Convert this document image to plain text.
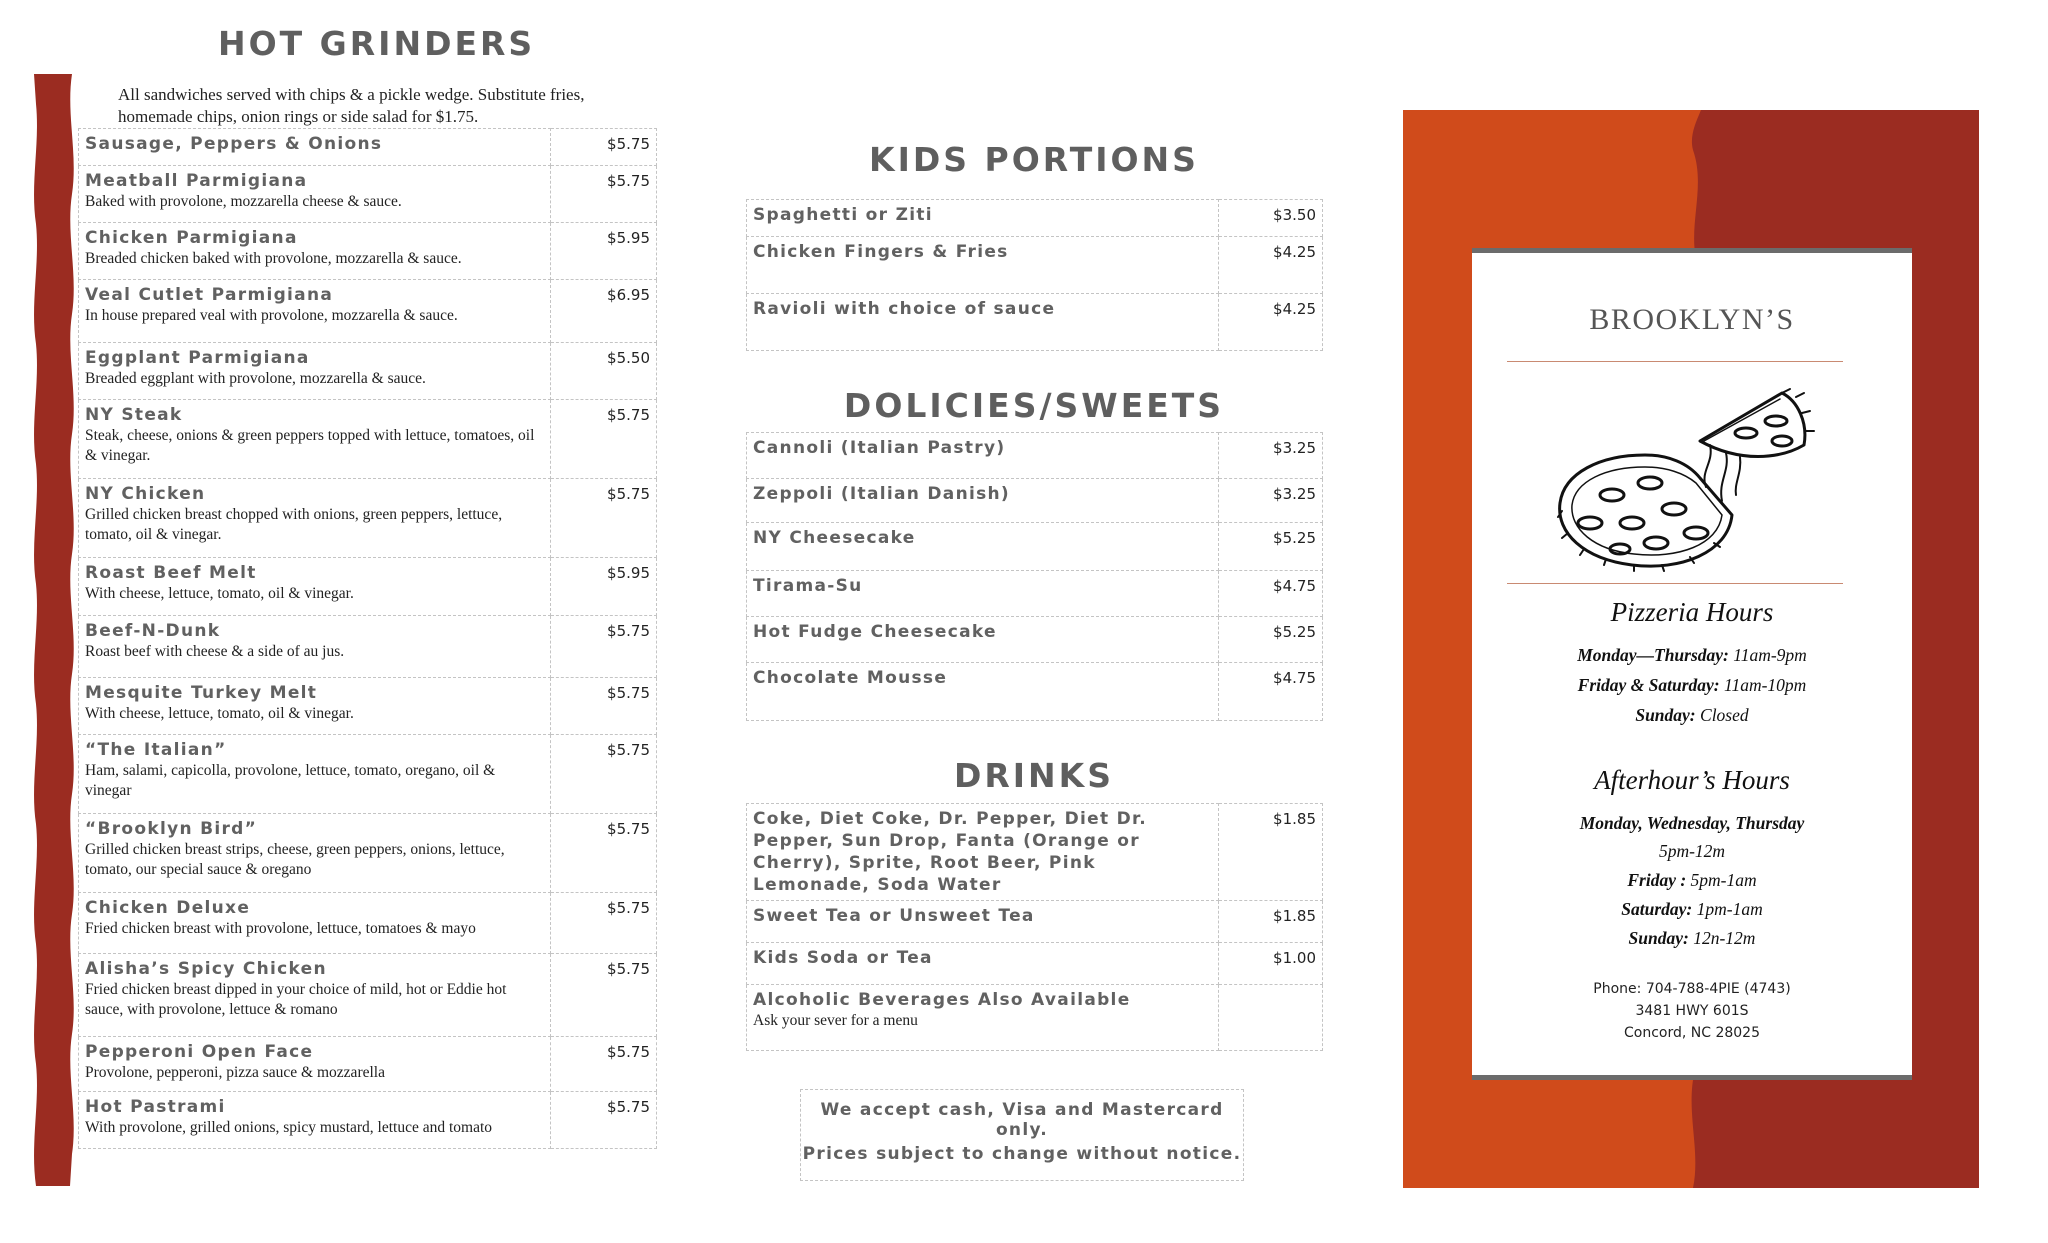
HOT GRINDERS
All sandwiches served with chips & a pickle wedge. Substitute fries, homemade chips, onion rings or side salad for $1.75.
Sausage, Peppers & Onions	$5.75

Meatball Parmigiana
Baked with provolone, mozzarella cheese & sauce.	$5.75

Chicken Parmigiana
Breaded chicken baked with provolone, mozzarella & sauce.	$5.95

Veal Cutlet Parmigiana
In house prepared veal with provolone, mozzarella & sauce.	$6.95

Eggplant Parmigiana
Breaded eggplant with provolone, mozzarella & sauce.	$5.50

NY Steak
Steak, cheese, onions & green peppers topped with lettuce, tomatoes, oil & vinegar.	$5.75

NY Chicken
Grilled chicken breast chopped with onions, green peppers, lettuce, tomato, oil & vinegar.	$5.75

Roast Beef Melt
With cheese, lettuce, tomato, oil & vinegar.	$5.95

Beef-N-Dunk
Roast beef with cheese & a side of au jus.	$5.75

Mesquite Turkey Melt
With cheese, lettuce, tomato, oil & vinegar.	$5.75

“The Italian”
Ham, salami, capicolla, provolone, lettuce, tomato, oregano, oil & vinegar	$5.75

“Brooklyn Bird”
Grilled chicken breast strips, cheese, green peppers, onions, lettuce, tomato, our special sauce & oregano	$5.75

Chicken Deluxe
Fried chicken breast with provolone, lettuce, tomatoes & mayo	$5.75

Alisha’s Spicy Chicken
Fried chicken breast dipped in your choice of mild, hot or Eddie hot sauce, with provolone, lettuce & romano	$5.75

Pepperoni Open Face
Provolone, pepperoni, pizza sauce & mozzarella	$5.75

Hot Pastrami
With provolone, grilled onions, spicy mustard, lettuce and tomato	$5.75
KIDS PORTIONS
Spaghetti or Ziti	$3.50

Chicken Fingers & Fries	$4.25

Ravioli with choice of sauce	$4.25
DOLICIES/SWEETS
Cannoli (Italian Pastry)	$3.25

Zeppoli (Italian Danish)	$3.25

NY Cheesecake	$5.25

Tirama-Su	$4.75

Hot Fudge Cheesecake	$5.25

Chocolate Mousse	$4.75
DRINKS
Coke, Diet Coke, Dr. Pepper, Diet Dr. Pepper, Sun Drop, Fanta (Orange or Cherry), Sprite, Root Beer, Pink Lemonade, Soda Water	$1.85

Sweet Tea or Unsweet Tea	$1.85

Kids Soda or Tea	$1.00

Alcoholic Beverages Also Available
Ask your sever for a menu	

We accept cash, Visa and Mastercard only.
Prices subject to change without notice.
BROOKLYN’S
Pizzeria Hours
Monday—Thursday: 11am-9pm
Friday & Saturday: 11am-10pm
Sunday: Closed
Afterhour’s Hours
Monday, Wednesday, Thursday
5pm-12m
Friday : 5pm-1am
Saturday: 1pm-1am
Sunday: 12n-12m
Phone: 704-788-4PIE (4743)
3481 HWY 601S
Concord, NC 28025
